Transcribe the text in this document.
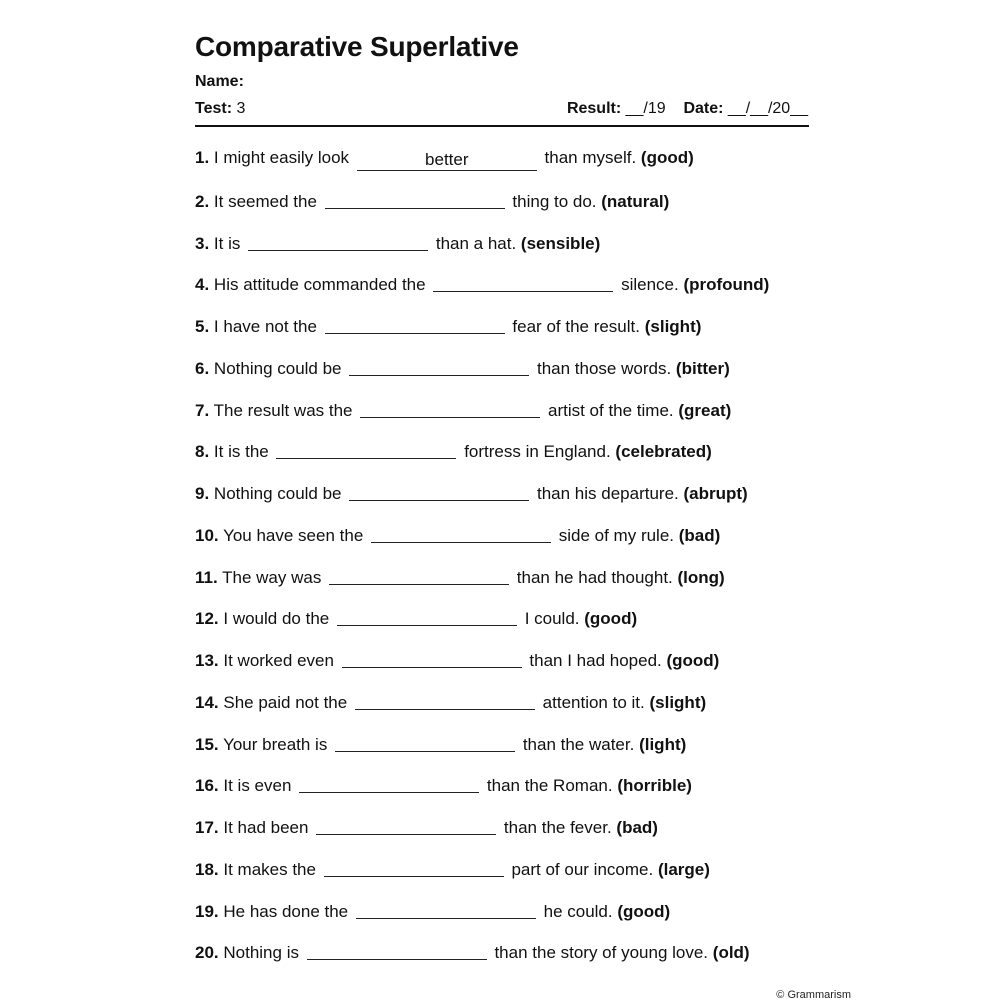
Comparative Superlative
Name:
Test: 3	Result: __/19 Date: __/__/20__
1. I might easily look	better	than myself. (good)
2. It seemed the	thing to do. (natural)
3. It is	than a hat. (sensible)
4. His attitude commanded the	silence. (profound)
5. I have not the	fear of the result. (slight)
6. Nothing could be	than those words. (bitter)
7. The result was the	artist of the time. (great)
8. It is the	fortress in England. (celebrated)
9. Nothing could be	than his departure. (abrupt)
10. You have seen the	side of my rule. (bad)
11. The way was	than he had thought. (long)
12. I would do the	I could. (good)
13. It worked even	than I had hoped. (good)
14. She paid not the	attention to it. (slight)
15. Your breath is	than the water. (light)
16. It is even	than the Roman. (horrible)
17. It had been	than the fever. (bad)
18. It makes the	part of our income. (large)
19. He has done the	he could. (good)
20. Nothing is	than the story of young love. (old)
© Grammarism
